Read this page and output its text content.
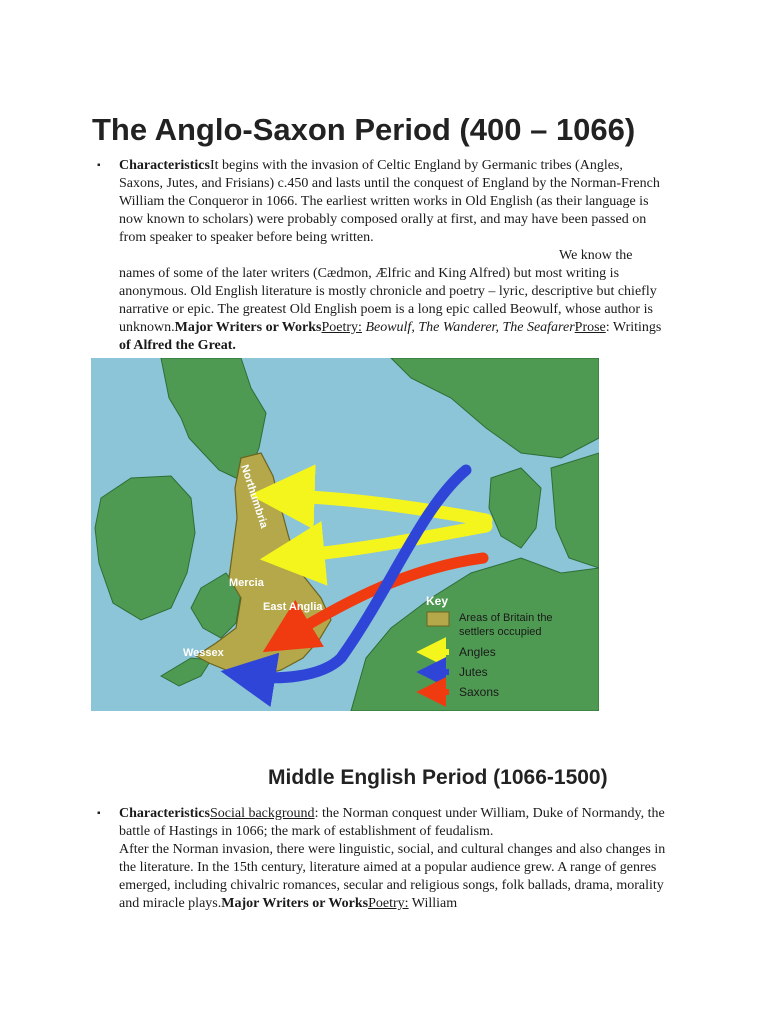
The Anglo-Saxon Period (400 – 1066)
▪ CharacteristicsIt begins with the invasion of Celtic England by Germanic tribes (Angles, Saxons, Jutes, and Frisians) c.450 and lasts until the conquest of England by the Norman-French William the Conqueror in 1066. The earliest written works in Old English (as their language is now known to scholars) were probably composed orally at first, and may have been passed on from speaker to speaker before being written.We know the names of some of the later writers (Cædmon, Ælfric and King Alfred) but most writing is anonymous. Old English literature is mostly chronicle and poetry – lyric, descriptive but chiefly narrative or epic. The greatest Old English poem is a long epic called Beowulf, whose author is unknown.Major Writers or WorksPoetry: Beowulf, The Wanderer, The SeafarerProse: Writings of Alfred the Great.
Northumbria
Mercia
East Anglia
Wessex
Key
Areas of Britain the settlers occupied
Angles
Jutes
Saxons
Middle English Period (1066-1500)
▪ CharacteristicsSocial background: the Norman conquest under William, Duke of Normandy, the battle of Hastings in 1066; the mark of establishment of feudalism.
After the Norman invasion, there were linguistic, social, and cultural changes and also changes in the literature. In the 15th century, literature aimed at a popular audience grew. A range of genres emerged, including chivalric romances, secular and religious songs, folk ballads, drama, morality and miracle plays.Major Writers or WorksPoetry: William
